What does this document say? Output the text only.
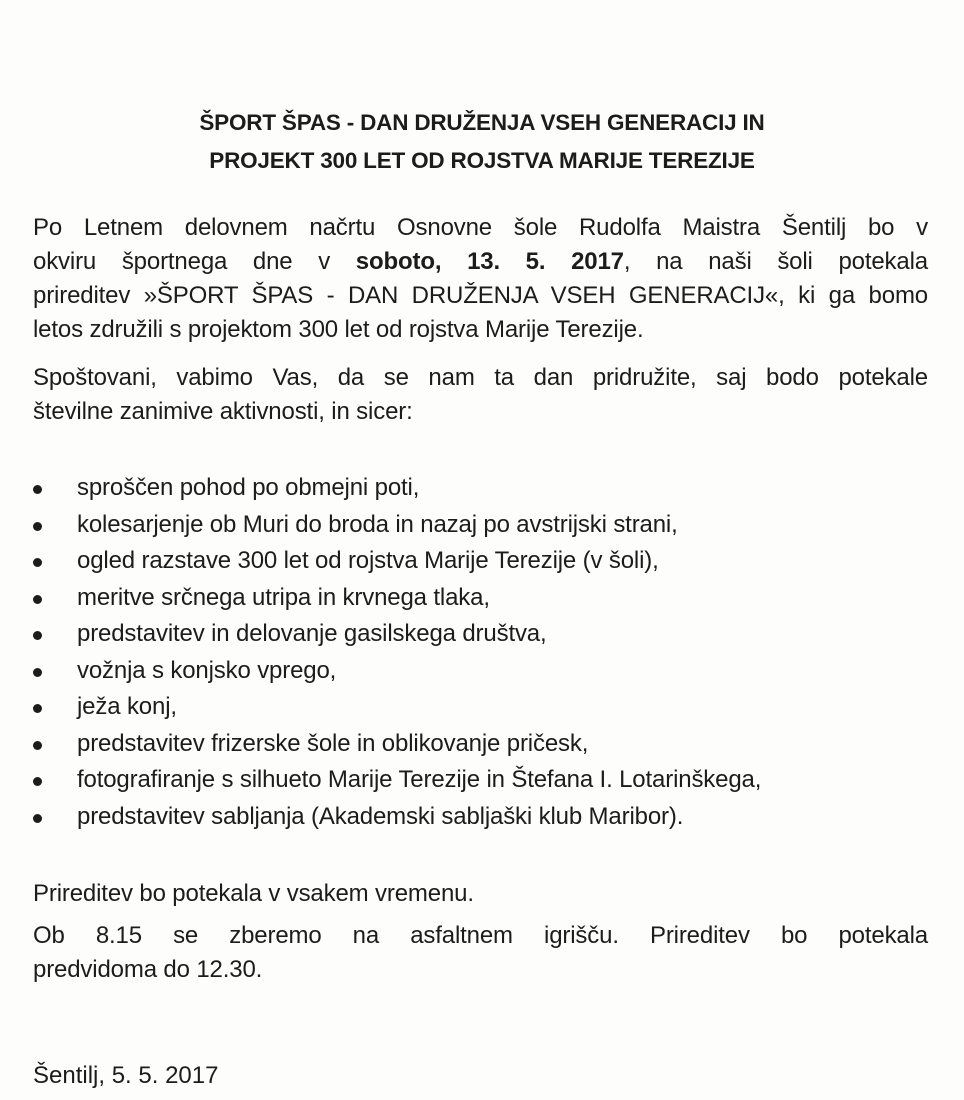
ŠPORT ŠPAS - DAN DRUŽENJA VSEH GENERACIJ IN
PROJEKT 300 LET OD ROJSTVA MARIJE TEREZIJE
Po Letnem delovnem načrtu Osnovne šole Rudolfa Maistra Šentilj bo v
okviru športnega dne v soboto, 13. 5. 2017, na naši šoli potekala
prireditev »ŠPORT ŠPAS - DAN DRUŽENJA VSEH GENERACIJ«, ki ga bomo
letos združili s projektom 300 let od rojstva Marije Terezije.
Spoštovani, vabimo Vas, da se nam ta dan pridružite, saj bodo potekale
številne zanimive aktivnosti, in sicer:
sproščen pohod po obmejni poti,
kolesarjenje ob Muri do broda in nazaj po avstrijski strani,
ogled razstave 300 let od rojstva Marije Terezije (v šoli),
meritve srčnega utripa in krvnega tlaka,
predstavitev in delovanje gasilskega društva,
vožnja s konjsko vprego,
ježa konj,
predstavitev frizerske šole in oblikovanje pričesk,
fotografiranje s silhueto Marije Terezije in Štefana I. Lotarinškega,
predstavitev sabljanja (Akademski sabljaški klub Maribor).
Prireditev bo potekala v vsakem vremenu.
Ob 8.15 se zberemo na asfaltnem igrišču. Prireditev bo potekala
predvidoma do 12.30.
Šentilj, 5. 5. 2017
